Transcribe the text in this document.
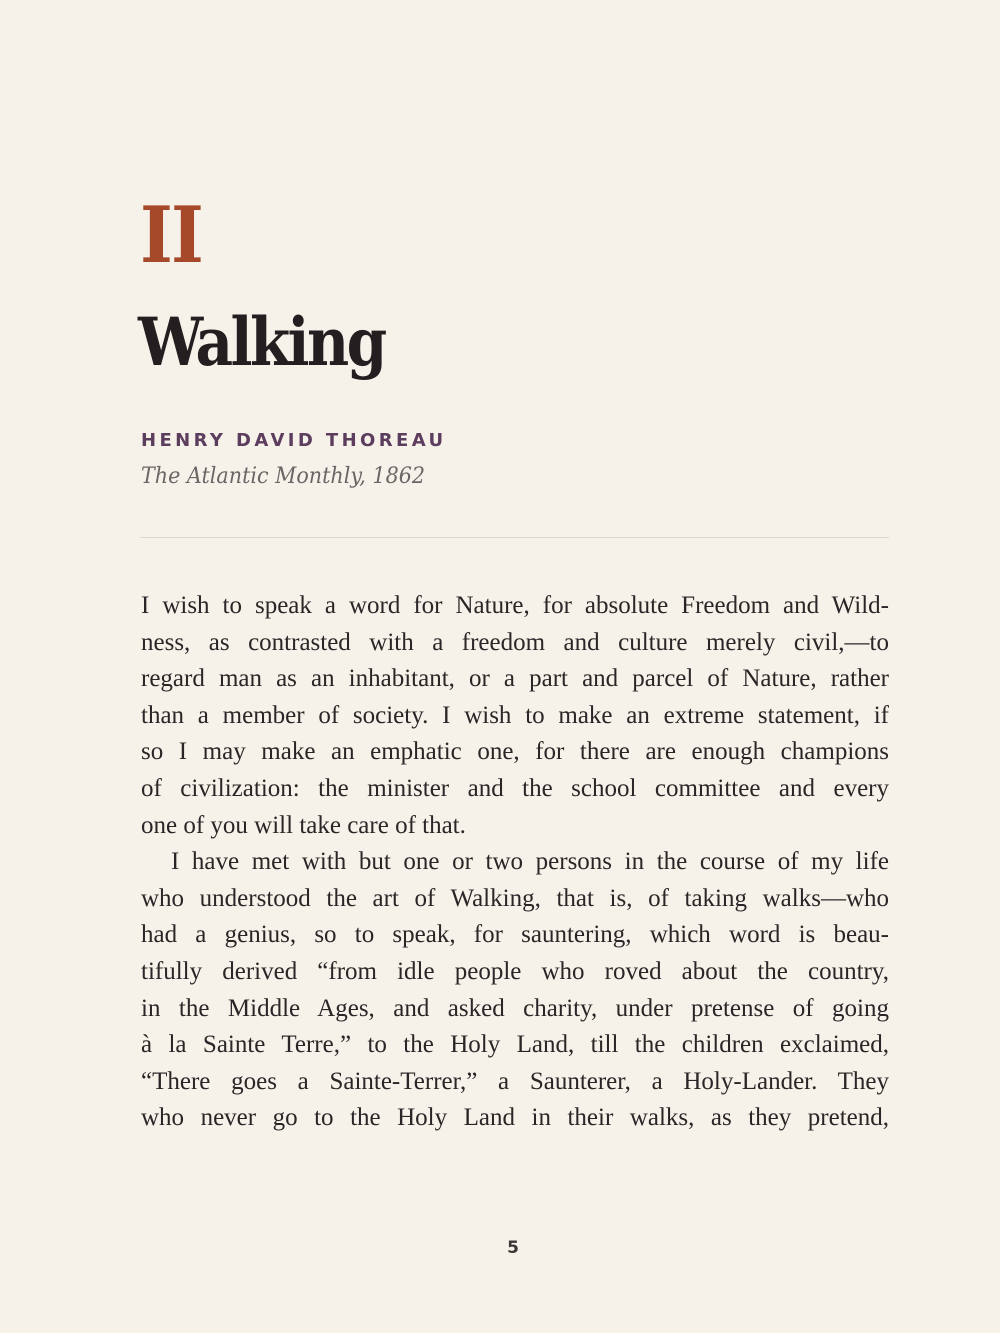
II
Walking

HENRY DAVID THOREAU

The Atlantic Monthly, 1862

I wish to speak a word for Nature, for absolute Freedom and Wild-
ness, as contrasted with a freedom and culture merely civil,—to
regard man as an inhabitant, or a part and parcel of Nature, rather
than a member of society. I wish to make an extreme statement, if
so I may make an emphatic one, for there are enough champions
of civilization: the minister and the school committee and every
one of you will take care of that.
I have met with but one or two persons in the course of my life
who understood the art of Walking, that is, of taking walks—who
had a genius, so to speak, for sauntering, which word is beau-
tifully derived “from idle people who roved about the country,
in the Middle Ages, and asked charity, under pretense of going
à la Sainte Terre,” to the Holy Land, till the children exclaimed,
“There goes a Sainte-Terrer,” a Saunterer, a Holy-Lander. They
who never go to the Holy Land in their walks, as they pretend,

5
